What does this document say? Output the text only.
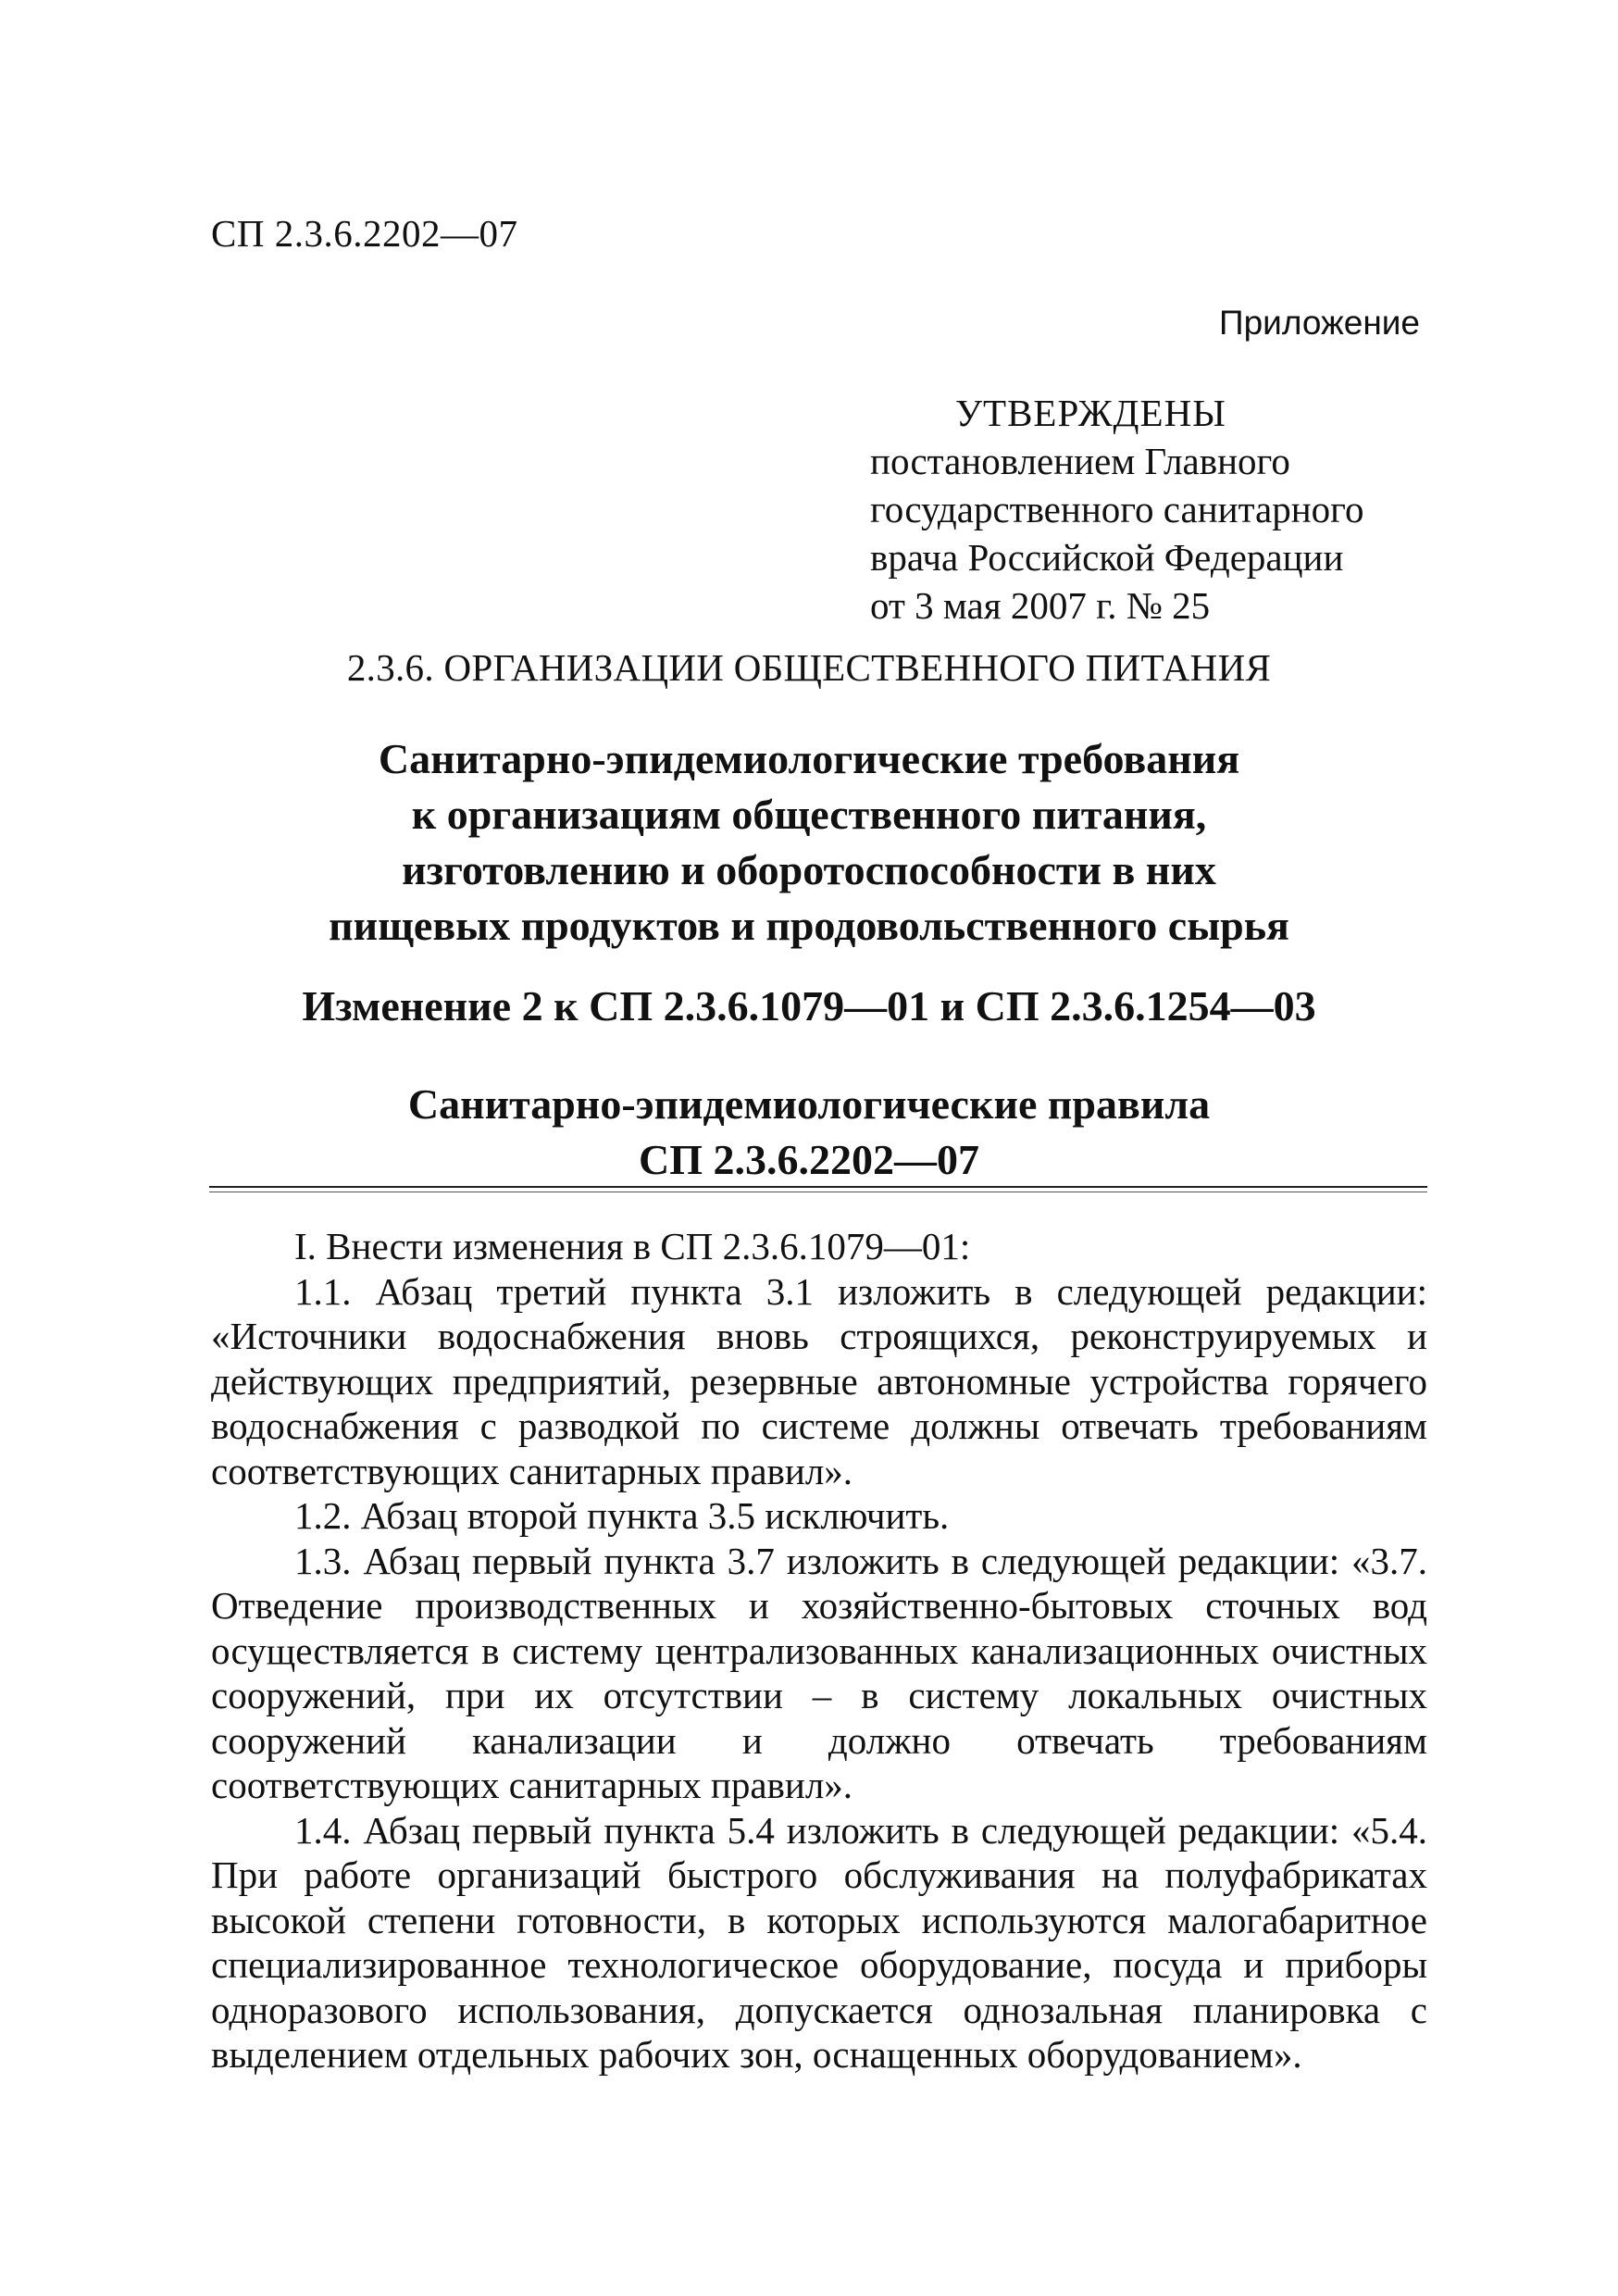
СП 2.3.6.2202—07
Приложение
УТВЕРЖДЕНЫ
постановлением Главного
государственного санитарного
врача Российской Федерации
от 3 мая 2007 г. № 25
2.3.6. ОРГАНИЗАЦИИ ОБЩЕСТВЕННОГО ПИТАНИЯ
Санитарно-эпидемиологические требования
к организациям общественного питания,
изготовлению и оборотоспособности в них
пищевых продуктов и продовольственного сырья
Изменение 2 к СП 2.3.6.1079—01 и СП 2.3.6.1254—03
Санитарно-эпидемиологические правила
СП 2.3.6.2202—07

I. Внести изменения в СП 2.3.6.1079—01:

1.1. Абзац третий пункта 3.1 изложить в следующей редакции: «Источники водоснабжения вновь строящихся, реконструируемых и действующих предприятий, резервные автономные устройства горячего водоснабжения с разводкой по системе должны отвечать требованиям соответствующих санитарных правил».

1.2. Абзац второй пункта 3.5 исключить.

1.3. Абзац первый пункта 3.7 изложить в следующей редакции: «3.7. Отведение производственных и хозяйственно-бытовых сточных вод осуществляется в систему централизованных канализационных очистных сооружений, при их отсутствии – в систему локальных очистных сооружений канализации и должно отвечать требованиям соответствующих санитарных правил».

1.4. Абзац первый пункта 5.4 изложить в следующей редакции: «5.4. При работе организаций быстрого обслуживания на полуфабрикатах высокой степени готовности, в которых используются малогабаритное специализированное технологическое оборудование, посуда и приборы одноразового использования, допускается однозальная планировка с выделением отдельных рабочих зон, оснащенных оборудованием».
